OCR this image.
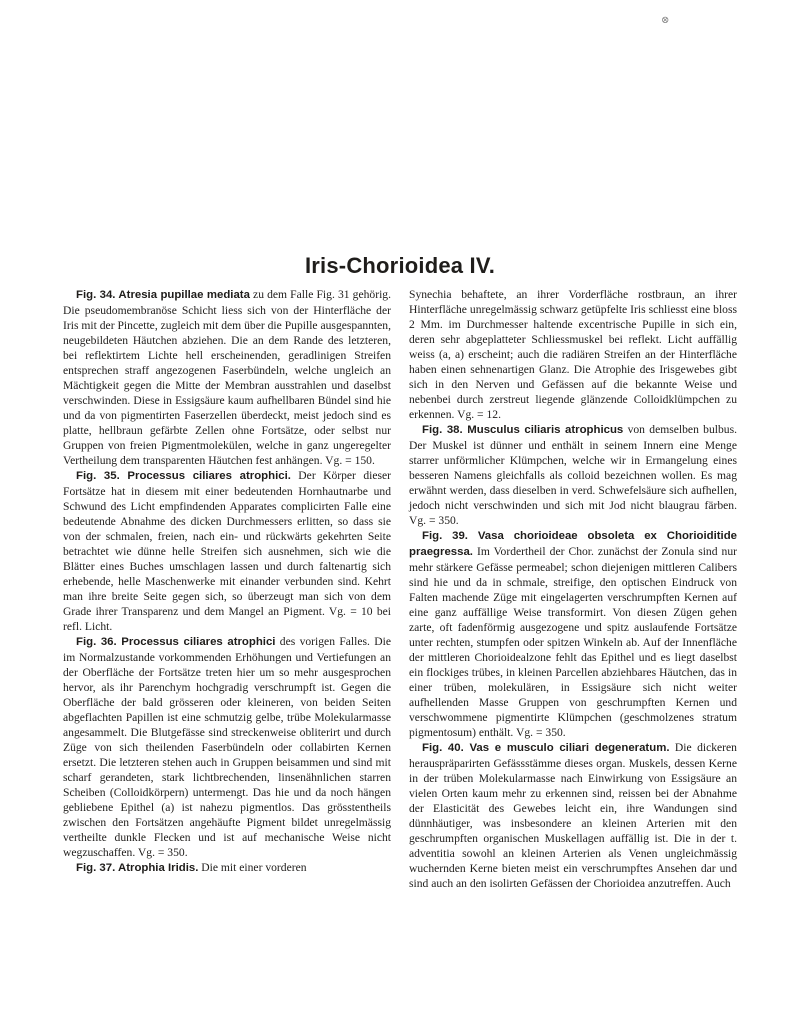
⊗
Iris-Chorioidea IV.

Fig. 34. Atresia pupillae mediata zu dem Falle Fig. 31 gehörig. Die pseudomembranöse Schicht liess sich von der Hinterfläche der Iris mit der Pincette, zugleich mit dem über die Pupille ausgespannten, neugebildeten Häutchen abziehen. Die an dem Rande des letzteren, bei reflektirtem Lichte hell erscheinenden, geradlinigen Streifen entsprechen straff angezogenen Faserbündeln, welche ungleich an Mächtigkeit gegen die Mitte der Membran ausstrahlen und daselbst verschwinden. Diese in Essigsäure kaum aufhellbaren Bündel sind hie und da von pigmentirten Faserzellen überdeckt, meist jedoch sind es platte, hellbraun gefärbte Zellen ohne Fortsätze, oder selbst nur Gruppen von freien Pigmentmolekülen, welche in ganz ungeregelter Vertheilung dem transparenten Häutchen fest anhängen. Vg. = 150.

Fig. 35. Processus ciliares atrophici. Der Körper dieser Fortsätze hat in diesem mit einer bedeutenden Hornhautnarbe und Schwund des Licht empfindenden Apparates complicirten Falle eine bedeutende Abnahme des dicken Durchmessers erlitten, so dass sie von der schmalen, freien, nach ein- und rückwärts gekehrten Seite betrachtet wie dünne helle Streifen sich ausnehmen, sich wie die Blätter eines Buches umschlagen lassen und durch faltenartig sich erhebende, helle Maschenwerke mit einander verbunden sind. Kehrt man ihre breite Seite gegen sich, so überzeugt man sich von dem Grade ihrer Transparenz und dem Mangel an Pigment. Vg. = 10 bei refl. Licht.

Fig. 36. Processus ciliares atrophici des vorigen Falles. Die im Normalzustande vorkommenden Erhöhungen und Vertiefungen an der Oberfläche der Fortsätze treten hier um so mehr ausgesprochen hervor, als ihr Parenchym hochgradig verschrumpft ist. Gegen die Oberfläche der bald grösseren oder kleineren, von beiden Seiten abgeflachten Papillen ist eine schmutzig gelbe, trübe Molekularmasse angesammelt. Die Blutgefässe sind streckenweise obliterirt und durch Züge von sich theilenden Faserbündeln oder collabirten Kernen ersetzt. Die letzteren stehen auch in Gruppen beisammen und sind mit scharf gerandeten, stark lichtbrechenden, linsenähnlichen starren Scheiben (Colloidkörpern) untermengt. Das hie und da noch hängen gebliebene Epithel (a) ist nahezu pigmentlos. Das grösstentheils zwischen den Fortsätzen angehäufte Pigment bildet unregelmässig vertheilte dunkle Flecken und ist auf mechanische Weise nicht wegzuschaffen. Vg. = 350.

Fig. 37. Atrophia Iridis. Die mit einer vorderen

Synechia behaftete, an ihrer Vorderfläche rostbraun, an ihrer Hinterfläche unregelmässig schwarz getüpfelte Iris schliesst eine bloss 2 Mm. im Durchmesser haltende excentrische Pupille in sich ein, deren sehr abgeplatteter Schliessmuskel bei reflekt. Licht auffällig weiss (a, a) erscheint; auch die radiären Streifen an der Hinterfläche haben einen sehnenartigen Glanz. Die Atrophie des Irisgewebes gibt sich in den Nerven und Gefässen auf die bekannte Weise und nebenbei durch zerstreut liegende glänzende Colloidklümpchen zu erkennen. Vg. = 12.

Fig. 38. Musculus ciliaris atrophicus von demselben bulbus. Der Muskel ist dünner und enthält in seinem Innern eine Menge starrer unförmlicher Klümpchen, welche wir in Ermangelung eines besseren Namens gleichfalls als colloid bezeichnen wollen. Es mag erwähnt werden, dass dieselben in verd. Schwefelsäure sich aufhellen, jedoch nicht verschwinden und sich mit Jod nicht blaugrau färben. Vg. = 350.

Fig. 39. Vasa chorioideae obsoleta ex Chorioiditide praegressa. Im Vordertheil der Chor. zunächst der Zonula sind nur mehr stärkere Gefässe permeabel; schon diejenigen mittleren Calibers sind hie und da in schmale, streifige, den optischen Eindruck von Falten machende Züge mit eingelagerten verschrumpften Kernen auf eine ganz auffällige Weise transformirt. Von diesen Zügen gehen zarte, oft fadenförmig ausgezogene und spitz auslaufende Fortsätze unter rechten, stumpfen oder spitzen Winkeln ab. Auf der Innenfläche der mittleren Chorioidealzone fehlt das Epithel und es liegt daselbst ein flockiges trübes, in kleinen Parcellen abziehbares Häutchen, das in einer trüben, molekulären, in Essigsäure sich nicht weiter aufhellenden Masse Gruppen von geschrumpften Kernen und verschwommene pigmentirte Klümpchen (geschmolzenes stratum pigmentosum) enthält. Vg. = 350.

Fig. 40. Vas e musculo ciliari degeneratum. Die dickeren herauspräparirten Gefässstämme dieses organ. Muskels, dessen Kerne in der trüben Molekularmasse nach Einwirkung von Essigsäure an vielen Orten kaum mehr zu erkennen sind, reissen bei der Abnahme der Elasticität des Gewebes leicht ein, ihre Wandungen sind dünnhäutiger, was insbesondere an kleinen Arterien mit den geschrumpften organischen Muskellagen auffällig ist. Die in der t. adventitia sowohl an kleinen Arterien als Venen ungleichmässig wuchernden Kerne bieten meist ein verschrumpftes Ansehen dar und sind auch an den isolirten Gefässen der Chorioidea anzutreffen. Auch
